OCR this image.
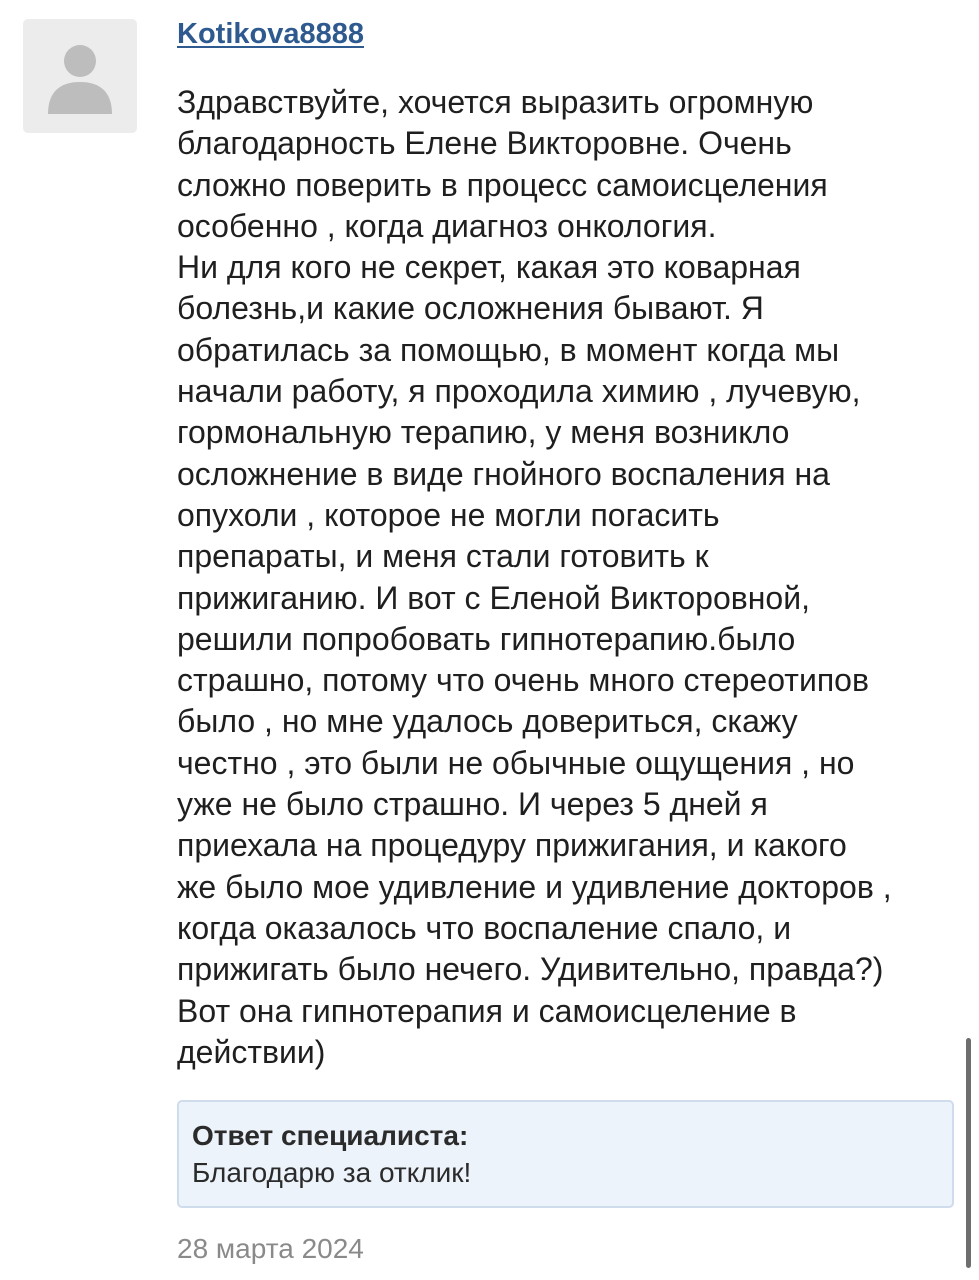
Kotikova8888
Здравствуйте, хочется выразить огромную
благодарность Елене Викторовне. Очень
сложно поверить в процесс самоисцеления
особенно , когда диагноз онкология.
Ни для кого не секрет, какая это коварная
болезнь,и какие осложнения бывают. Я
обратилась за помощью, в момент когда мы
начали работу, я проходила химию , лучевую,
гормональную терапию, у меня возникло
осложнение в виде гнойного воспаления на
опухоли , которое не могли погасить
препараты, и меня стали готовить к
прижиганию. И вот с Еленой Викторовной,
решили попробовать гипнотерапию.было
страшно, потому что очень много стереотипов
было , но мне удалось довериться, скажу
честно , это были не обычные ощущения , но
уже не было страшно. И через 5 дней я
приехала на процедуру прижигания, и какого
же было мое удивление и удивление докторов ,
когда оказалось что воспаление спало, и
прижигать было нечего. Удивительно, правда?)
Вот она гипнотерапия и самоисцеление в
действии)
Ответ специалиста:
Благодарю за отклик!
28 марта 2024
